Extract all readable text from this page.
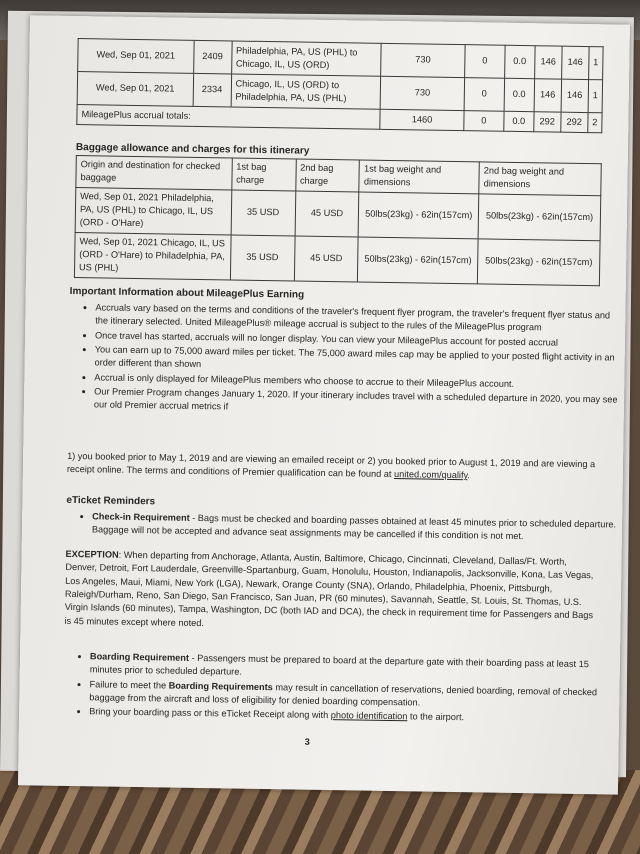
Wed, Sep 01, 2021	2409	Philadelphia, PA, US (PHL) to Chicago, IL, US (ORD)	730	0	0.0	146	146	1
Wed, Sep 01, 2021	2334	Chicago, IL, US (ORD) to Philadelphia, PA, US (PHL)	730	0	0.0	146	146	1
MileagePlus accrual totals:			1460	0	0.0	292	292	2
Baggage allowance and charges for this itinerary
Origin and destination for checked baggage	1st bag charge	2nd bag charge	1st bag weight and dimensions	2nd bag weight and dimensions
Wed, Sep 01, 2021 Philadelphia, PA, US (PHL) to Chicago, IL, US (ORD - O'Hare)	35 USD	45 USD	50lbs(23kg) - 62in(157cm)	50lbs(23kg) - 62in(157cm)
Wed, Sep 01, 2021 Chicago, IL, US (ORD - O'Hare) to Philadelphia, PA, US (PHL)	35 USD	45 USD	50lbs(23kg) - 62in(157cm)	50lbs(23kg) - 62in(157cm)
Important Information about MileagePlus Earning
• Accruals vary based on the terms and conditions of the traveler's frequent flyer program, the traveler's frequent flyer status and the itinerary selected. United MileagePlus® mileage accrual is subject to the rules of the MileagePlus program
• Once travel has started, accruals will no longer display. You can view your MileagePlus account for posted accrual
• You can earn up to 75,000 award miles per ticket. The 75,000 award miles cap may be applied to your posted flight activity in an order different than shown
• Accrual is only displayed for MileagePlus members who choose to accrue to their MileagePlus account.
• Our Premier Program changes January 1, 2020. If your itinerary includes travel with a scheduled departure in 2020, you may see our old Premier accrual metrics if
1) you booked prior to May 1, 2019 and are viewing an emailed receipt or 2) you booked prior to August 1, 2019 and are viewing a receipt online. The terms and conditions of Premier qualification can be found at united.com/qualify.
eTicket Reminders
• Check-in Requirement - Bags must be checked and boarding passes obtained at least 45 minutes prior to scheduled departure. Baggage will not be accepted and advance seat assignments may be cancelled if this condition is not met.
EXCEPTION: When departing from Anchorage, Atlanta, Austin, Baltimore, Chicago, Cincinnati, Cleveland, Dallas/Ft. Worth, Denver, Detroit, Fort Lauderdale, Greenville-Spartanburg, Guam, Honolulu, Houston, Indianapolis, Jacksonville, Kona, Las Vegas, Los Angeles, Maui, Miami, New York (LGA), Newark, Orange County (SNA), Orlando, Philadelphia, Phoenix, Pittsburgh, Raleigh/Durham, Reno, San Diego, San Francisco, San Juan, PR (60 minutes), Savannah, Seattle, St. Louis, St. Thomas, U.S. Virgin Islands (60 minutes), Tampa, Washington, DC (both IAD and DCA), the check in requirement time for Passengers and Bags is 45 minutes except where noted.
• Boarding Requirement - Passengers must be prepared to board at the departure gate with their boarding pass at least 15 minutes prior to scheduled departure.
• Failure to meet the Boarding Requirements may result in cancellation of reservations, denied boarding, removal of checked baggage from the aircraft and loss of eligibility for denied boarding compensation.
• Bring your boarding pass or this eTicket Receipt along with photo identification to the airport.
3
